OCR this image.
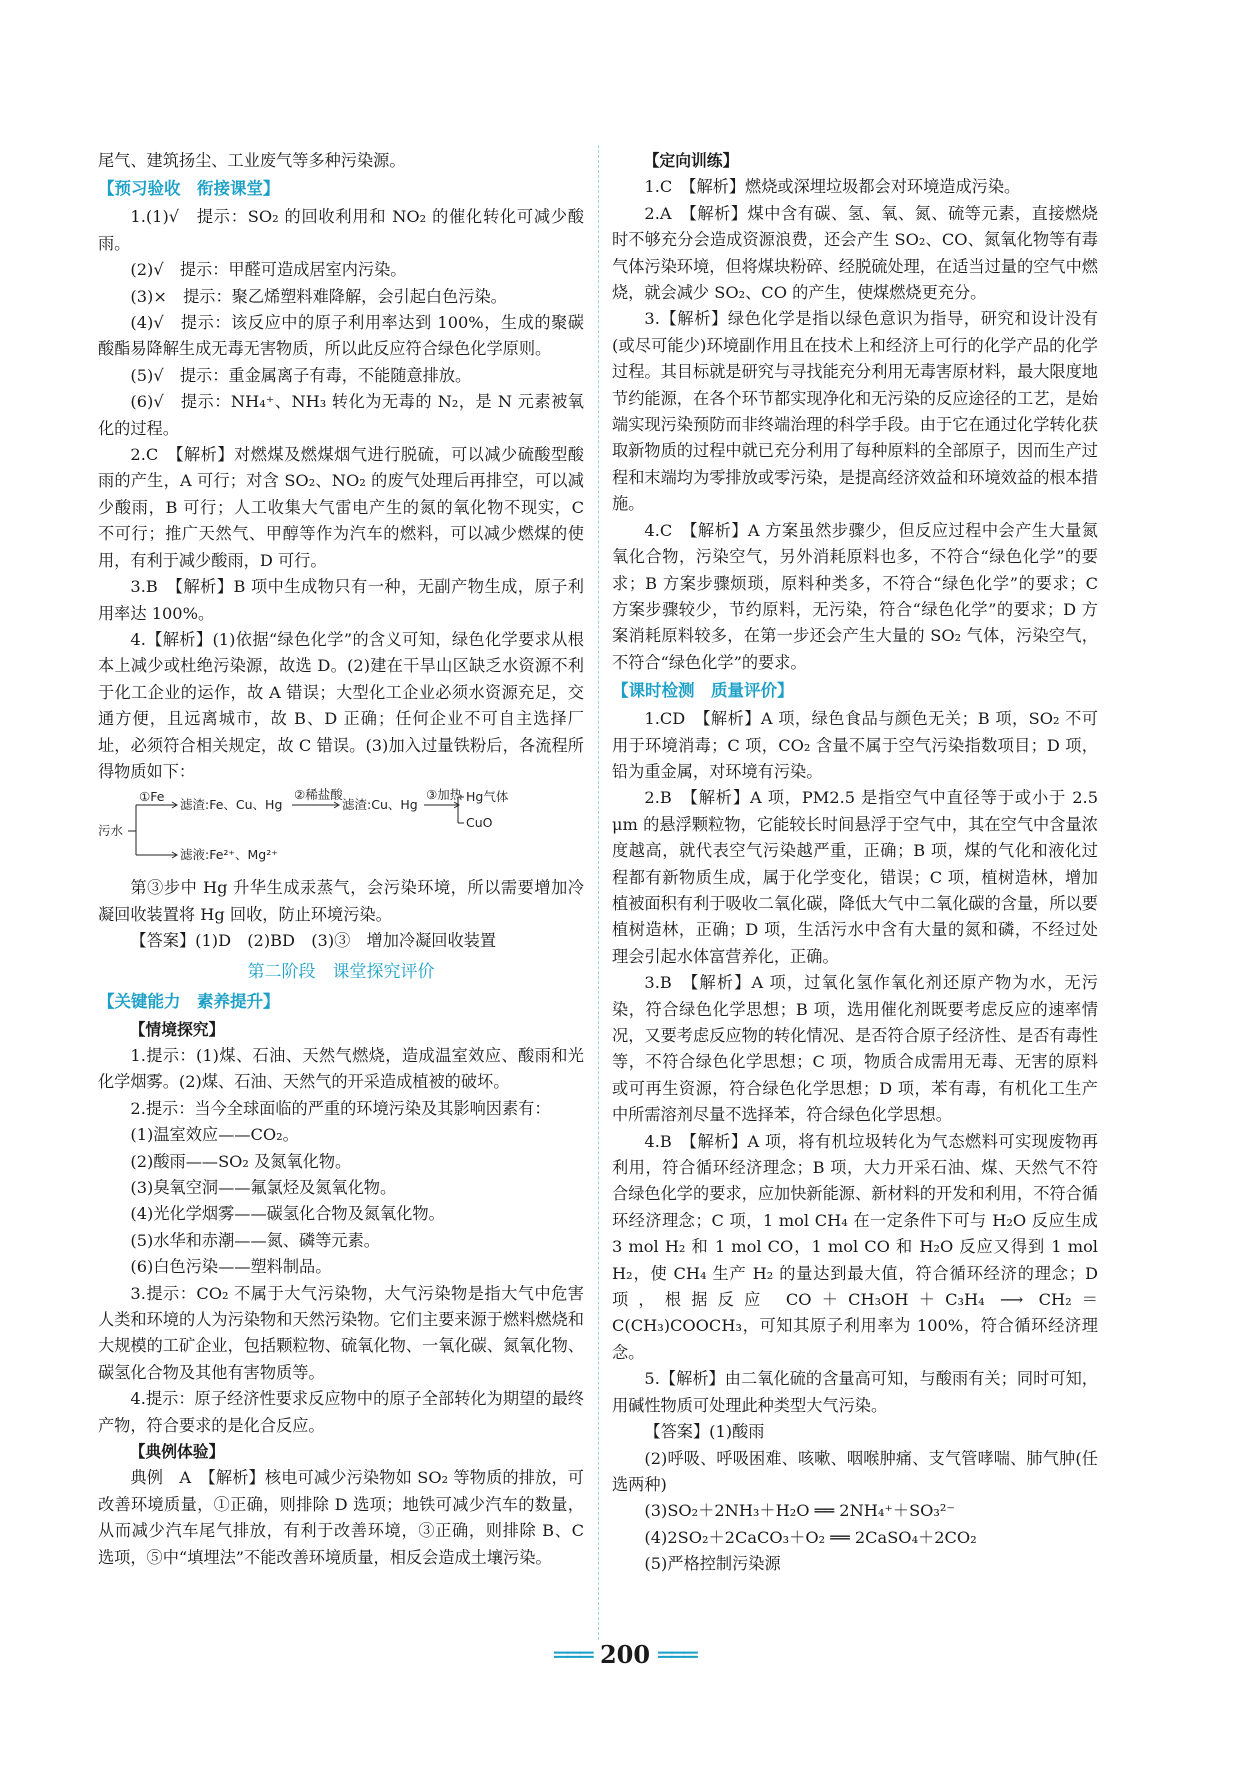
尾气、建筑扬尘、工业废气等多种污染源。

【 预习验收　衔接课堂 】

1.(1)√　提示：SO₂ 的回收利用和 NO₂ 的催化转化可减少酸雨。

(2)√　提示：甲醛可造成居室内污染。

(3)×　提示：聚乙烯塑料难降解，会引起白色污染。

(4)√　提示：该反应中的原子利用率达到 100%，生成的聚碳酸酯易降解生成无毒无害物质，所以此反应符合绿色化学原则。

(5)√　提示：重金属离子有毒，不能随意排放。

(6)√　提示：NH₄⁺、NH₃ 转化为无毒的 N₂，是 N 元素被氧化的过程。

2.C　【解析】对燃煤及燃煤烟气进行脱硫，可以减少硫酸型酸雨的产生，A 可行；对含 SO₂、NO₂ 的废气处理后再排空，可以减少酸雨，B 可行；人工收集大气雷电产生的氮的氧化物不现实，C 不可行；推广天然气、甲醇等作为汽车的燃料，可以减少燃煤的使用，有利于减少酸雨，D 可行。

3.B　【解析】B 项中生成物只有一种，无副产物生成，原子利用率达 100%。

4.【解析】(1)依据“绿色化学”的含义可知，绿色化学要求从根本上减少或杜绝污染源，故选 D。(2)建在干旱山区缺乏水资源不利于化工企业的运作，故 A 错误；大型化工企业必须水资源充足，交通方便，且远离城市，故 B、D 正确；任何企业不可自主选择厂址，必须符合相关规定，故 C 错误。(3)加入过量铁粉后，各流程所得物质如下：

污水
①Fe
滤渣:Fe、Cu、Hg
②稀盐酸
滤渣:Cu、Hg
③加热 Hg气体
CuO
滤液:Fe²⁺、Mg²⁺

第③步中 Hg 升华生成汞蒸气，会污染环境，所以需要增加冷凝回收装置将 Hg 回收，防止环境污染。

【答案】(1)D　(2)BD　(3)③　增加冷凝回收装置

第二阶段　课堂探究评价
【 关键能力　素养提升 】

【情境探究】

1.提示：(1)煤、石油、天然气燃烧，造成温室效应、酸雨和光化学烟雾。(2)煤、石油、天然气的开采造成植被的破坏。

2.提示：当今全球面临的严重的环境污染及其影响因素有：

(1)温室效应——CO₂。

(2)酸雨——SO₂ 及氮氧化物。

(3)臭氧空洞——氟氯烃及氮氧化物。

(4)光化学烟雾——碳氢化合物及氮氧化物。

(5)水华和赤潮——氮、磷等元素。

(6)白色污染——塑料制品。

3.提示：CO₂ 不属于大气污染物，大气污染物是指大气中危害人类和环境的人为污染物和天然污染物。它们主要来源于燃料燃烧和大规模的工矿企业，包括颗粒物、硫氧化物、一氧化碳、氮氧化物、碳氢化合物及其他有害物质等。

4.提示：原子经济性要求反应物中的原子全部转化为期望的最终产物，符合要求的是化合反应。

【典例体验】

典例　A　【解析】核电可减少污染物如 SO₂ 等物质的排放，可改善环境质量，①正确，则排除 D 选项；地铁可减少汽车的数量，从而减少汽车尾气排放，有利于改善环境，③正确，则排除 B、C 选项，⑤中“填埋法”不能改善环境质量，相反会造成土壤污染。

【定向训练】

1.C　【解析】燃烧或深埋垃圾都会对环境造成污染。

2.A　【解析】煤中含有碳、氢、氧、氮、硫等元素，直接燃烧时不够充分会造成资源浪费，还会产生 SO₂、CO、氮氧化物等有毒气体污染环境，但将煤块粉碎、经脱硫处理，在适当过量的空气中燃烧，就会减少 SO₂、CO 的产生，使煤燃烧更充分。

3.【解析】绿色化学是指以绿色意识为指导，研究和设计没有(或尽可能少)环境副作用且在技术上和经济上可行的化学产品的化学过程。其目标就是研究与寻找能充分利用无毒害原材料，最大限度地节约能源，在各个环节都实现净化和无污染的反应途径的工艺，是始端实现污染预防而非终端治理的科学手段。由于它在通过化学转化获取新物质的过程中就已充分利用了每种原料的全部原子，因而生产过程和末端均为零排放或零污染，是提高经济效益和环境效益的根本措施。

4.C　【解析】A 方案虽然步骤少，但反应过程中会产生大量氮氧化合物，污染空气，另外消耗原料也多，不符合“绿色化学”的要求；B 方案步骤烦琐，原料种类多，不符合“绿色化学”的要求；C 方案步骤较少，节约原料，无污染，符合“绿色化学”的要求；D 方案消耗原料较多，在第一步还会产生大量的 SO₂ 气体，污染空气，不符合“绿色化学”的要求。

【 课时检测　质量评价 】

1.CD　【解析】A 项，绿色食品与颜色无关；B 项，SO₂ 不可用于环境消毒；C 项，CO₂ 含量不属于空气污染指数项目；D 项，铅为重金属，对环境有污染。

2.B　【解析】A 项，PM2.5 是指空气中直径等于或小于 2.5 μm 的悬浮颗粒物，它能较长时间悬浮于空气中，其在空气中含量浓度越高，就代表空气污染越严重，正确；B 项，煤的气化和液化过程都有新物质生成，属于化学变化，错误；C 项，植树造林，增加植被面积有利于吸收二氧化碳，降低大气中二氧化碳的含量，所以要植树造林，正确；D 项，生活污水中含有大量的氮和磷，不经过处理会引起水体富营养化，正确。

3.B　【解析】A 项，过氧化氢作氧化剂还原产物为水，无污染，符合绿色化学思想；B 项，选用催化剂既要考虑反应的速率情况，又要考虑反应物的转化情况、是否符合原子经济性、是否有毒性等，不符合绿色化学思想；C 项，物质合成需用无毒、无害的原料或可再生资源，符合绿色化学思想；D 项，苯有毒，有机化工生产中所需溶剂尽量不选择苯，符合绿色化学思想。

4.B　【解析】A 项，将有机垃圾转化为气态燃料可实现废物再利用，符合循环经济理念；B 项，大力开采石油、煤、天然气不符合绿色化学的要求，应加快新能源、新材料的开发和利用，不符合循环经济理念；C 项，1 mol CH₄ 在一定条件下可与 H₂O 反应生成 3 mol H₂ 和 1 mol CO，1 mol CO 和 H₂O 反应又得到 1 mol H₂，使 CH₄ 生产 H₂ 的量达到最大值，符合循环经济的理念；D 项，根据反应 CO＋CH₃OH＋C₃H₄ ⟶ CH₂＝C(CH₃)COOCH₃，可知其原子利用率为 100%，符合循环经济理念。

5.【解析】由二氧化硫的含量高可知，与酸雨有关；同时可知，用碱性物质可处理此种类型大气污染。

【答案】(1)酸雨

(2)呼吸、呼吸困难、咳嗽、咽喉肿痛、支气管哮喘、肺气肿(任选两种)

(3)SO₂＋2NH₃＋H₂O ══ 2NH₄⁺＋SO₃²⁻

(4)2SO₂＋2CaCO₃＋O₂ ══ 2CaSO₄＋2CO₂

(5)严格控制污染源

═══ 200 ═══
